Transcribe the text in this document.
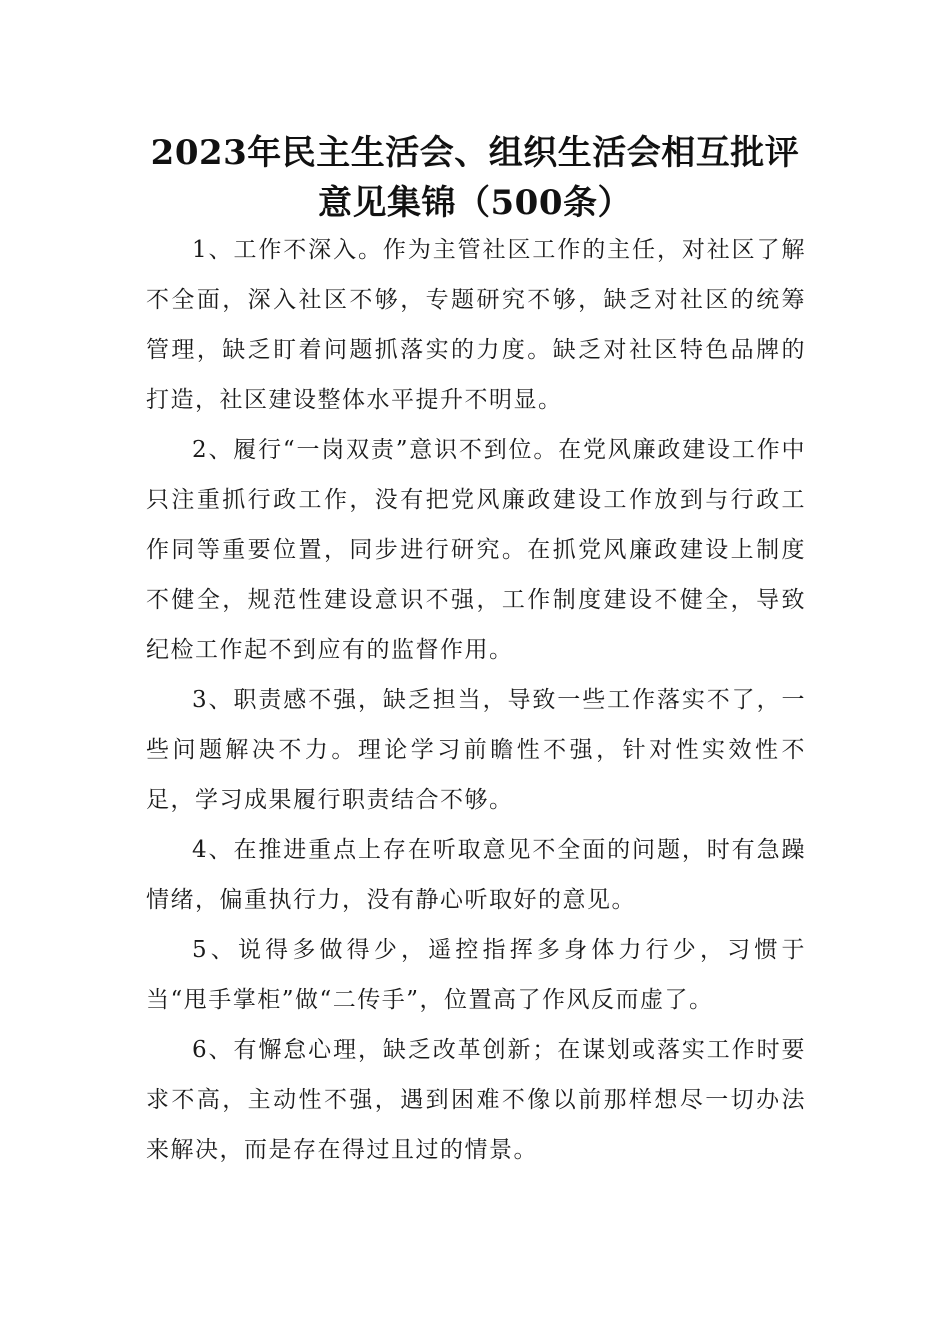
2023年民主生活会、组织生活会相互批评
意见集锦（500条）

1、工作不深入。作为主管社区工作的主任，对社区了解不全面，深入社区不够，专题研究不够，缺乏对社区的统筹管理，缺乏盯着问题抓落实的力度。缺乏对社区特色品牌的打造，社区建设整体水平提升不明显。

2、履行“一岗双责”意识不到位。在党风廉政建设工作中只注重抓行政工作，没有把党风廉政建设工作放到与行政工作同等重要位置，同步进行研究。在抓党风廉政建设上制度不健全，规范性建设意识不强，工作制度建设不健全，导致纪检工作起不到应有的监督作用。

3、职责感不强，缺乏担当，导致一些工作落实不了，一些问题解决不力。理论学习前瞻性不强，针对性实效性不足，学习成果履行职责结合不够。

4、在推进重点上存在听取意见不全面的问题，时有急躁情绪，偏重执行力，没有静心听取好的意见。

5、说得多做得少，遥控指挥多身体力行少，习惯于当“甩手掌柜”做“二传手”，位置高了作风反而虚了。

6、有懈怠心理，缺乏改革创新；在谋划或落实工作时要求不高，主动性不强，遇到困难不像以前那样想尽一切办法来解决，而是存在得过且过的情景。
